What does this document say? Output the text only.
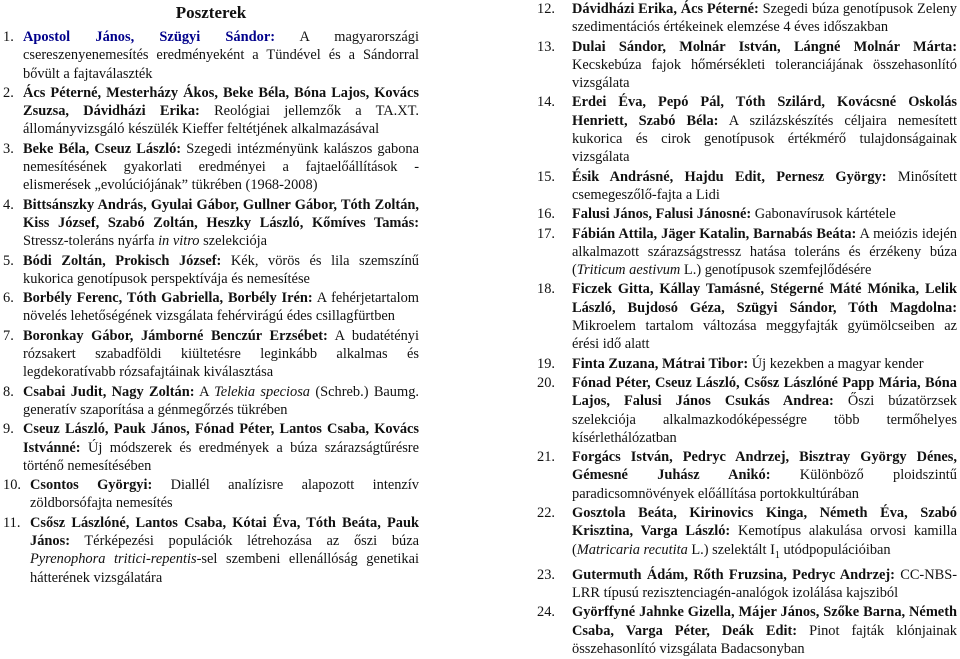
Poszterek
1. Apostol János, Szügyi Sándor: A magyarországi csereszenyenemesítés eredményeként a Tündével és a Sándorral bővült a fajtaválaszték
2. Ács Péterné, Mesterházy Ákos, Beke Béla, Bóna Lajos, Kovács Zsuzsa, Dávidházi Erika: Reológiai jellemzők a TA.XT. állományvizsgáló készülék Kieffer feltétjének alkalmazásával
3. Beke Béla, Cseuz László: Szegedi intézményünk kalászos gabona nemesítésének gyakorlati eredményei a fajtaelőállítások - elismerések „evolúciójának” tükrében (1968-2008)
4. Bittsánszky András, Gyulai Gábor, Gullner Gábor, Tóth Zoltán, Kiss József, Szabó Zoltán, Heszky László, Kőmíves Tamás: Stressz-toleráns nyárfa in vitro szelekciója
5. Bódi Zoltán, Prokisch József: Kék, vörös és lila szemszínű kukorica genotípusok perspektívája és nemesítése
6. Borbély Ferenc, Tóth Gabriella, Borbély Irén: A fehérjetartalom növelés lehetőségének vizsgálata fehérvirágú édes csillagfürtben
7. Boronkay Gábor, Jámborné Benczúr Erzsébet: A budatétényi rózsakert szabadföldi kiültetésre leginkább alkalmas és legdekoratívabb rózsafajtáinak kiválasztása
8. Csabai Judit, Nagy Zoltán: A Telekia speciosa (Schreb.) Baumg. generatív szaporítása a génmegőrzés tükrében
9. Cseuz László, Pauk János, Fónad Péter, Lantos Csaba, Kovács Istvánné: Új módszerek és eredmények a búza szárazságtűrésre történő nemesítésében
10. Csontos Györgyi: Diallél analízisre alapozott intenzív zöldborsófajta nemesítés
11. Csősz Lászlóné, Lantos Csaba, Kótai Éva, Tóth Beáta, Pauk János: Térképezési populációk létrehozása az őszi búza Pyrenophora tritici-repentis-sel szembeni ellenállóság genetikai hátterének vizsgálatára
12.	Dávidházi Erika, Ács Péterné: Szegedi búza genotípusok Zeleny szedimentációs értékeinek elemzése 4 éves időszakban
13.	Dulai Sándor, Molnár István, Lángné Molnár Márta: Kecskebúza fajok hőmérsékleti toleranciájának összehasonlító vizsgálata
14.	Erdei Éva, Pepó Pál, Tóth Szilárd, Kovácsné Oskolás Henriett, Szabó Béla: A szilázskészítés céljaira nemesített kukorica és cirok genotípusok értékmérő tulajdonságainak vizsgálata
15.	Ésik Andrásné, Hajdu Edit, Pernesz György: Minősített csemegeszőlő-fajta a Lidi
16.	Falusi János, Falusi Jánosné: Gabonavírusok kártétele
17.	Fábián Attila, Jäger Katalin, Barnabás Beáta: A meiózis idején alkalmazott szárazságstressz hatása toleráns és érzékeny búza (Triticum aestivum L.) genotípusok szemfejlődésére
18.	Ficzek Gitta, Kállay Tamásné, Stégerné Máté Mónika, Lelik László, Bujdosó Géza, Szügyi Sándor, Tóth Magdolna: Mikroelem tartalom változása meggyfajták gyümölcseiben az érési idő alatt
19.	Finta Zuzana, Mátrai Tibor: Új kezekben a magyar kender
20.	Fónad Péter, Cseuz László, Csősz Lászlóné Papp Mária, Bóna Lajos, Falusi János Csukás Andrea: Őszi búzatörzsek szelekciója alkalmazkodóképességre több termőhelyes kísérlethálózatban
21.	Forgács István, Pedryc Andrzej, Bisztray György Dénes, Gémesné Juhász Anikó: Különböző ploidszintű paradicsomnövények előállítása portokkultúrában
22.	Gosztola Beáta, Kirinovics Kinga, Németh Éva, Szabó Krisztina, Varga László: Kemotípus alakulása orvosi kamilla (Matricaria recutita L.) szelektált $I_1$ utódpopulációiban
23.	Gutermuth Ádám, Rőth Fruzsina, Pedryc Andrzej: CC-NBS-LRR típusú rezisztenciagén-analógok izolálása kajsziból
24.	Györffyné Jahnke Gizella, Májer János, Szőke Barna, Németh Csaba, Varga Péter, Deák Edit: Pinot fajták klónjainak összehasonlító vizsgálata Badacsonyban
